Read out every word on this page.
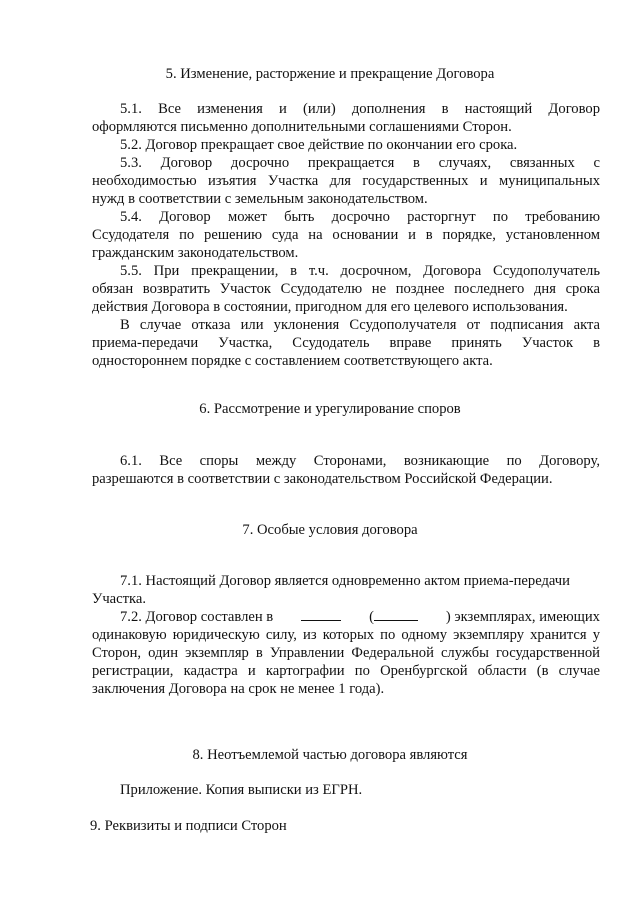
5. Изменение, расторжение и прекращение Договора
5.1. Все изменения и (или) дополнения в настоящий Договор
оформляются письменно дополнительными соглашениями Сторон.
5.2. Договор прекращает свое действие по окончании его срока.
5.3. Договор досрочно прекращается в случаях, связанных с
необходимостью изъятия Участка для государственных и муниципальных
нужд в соответствии с земельным законодательством.
5.4. Договор может быть досрочно расторгнут по требованию
Ссудодателя по решению суда на основании и в порядке, установленном
гражданским законодательством.
5.5. При прекращении, в т.ч. досрочном, Договора Ссудополучатель
обязан возвратить Участок Ссудодателю не позднее последнего дня срока
действия Договора в состоянии, пригодном для его целевого использования.
В случае отказа или уклонения Ссудополучателя от подписания акта
приема-передачи Участка, Ссудодатель вправе принять Участок в
одностороннем порядке с составлением соответствующего акта.
6. Рассмотрение и урегулирование споров
6.1. Все споры между Сторонами, возникающие по Договору,
разрешаются в соответствии с законодательством Российской Федерации.
7. Особые условия договора
7.1. Настоящий Договор является одновременно актом приема-передачи
Участка.
7.2. Договор составлен в	(	) экземплярах, имеющих
одинаковую юридическую силу, из которых по одному экземпляру хранится у
Сторон, один экземпляр в Управлении Федеральной службы государственной
регистрации, кадастра и картографии по Оренбургской области (в случае
заключения Договора на срок не менее 1 года).
8. Неотъемлемой частью договора являются
Приложение. Копия выписки из ЕГРН.
9. Реквизиты и подписи Сторон
